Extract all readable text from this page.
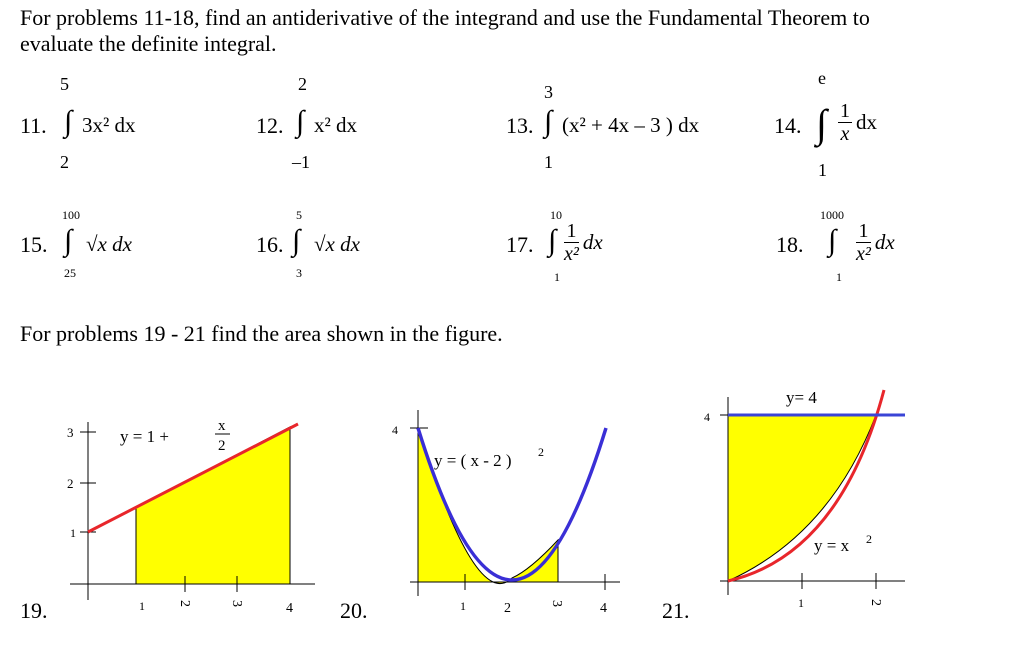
For problems 11-18, find an antiderivative of the integrand and use the Fundamental Theorem to
evaluate the definite integral.
5
11. ∫ 3x² dx
2
2
12. ∫ x² dx
–1
3
13. ∫ (x² + 4x – 3 ) dx
1
e
14. ∫ $\frac{1}{x}$ dx
1
100
15. ∫ √x dx
25
5
16. ∫ √x dx
3
10
17. ∫ $\frac{1}{\text{x²}}$ dx
1
1000
18. ∫ $\frac{1}{\text{x²}}$ dx
1
For problems 19 - 21 find the area shown in the figure.
19.
3
2
1
1 2	3	4
y = 1 +
x
2
20.
4
1	2	3	4
y = ( x - 2 ) 2
21.
y= 4
4
y = x 2
1	2
